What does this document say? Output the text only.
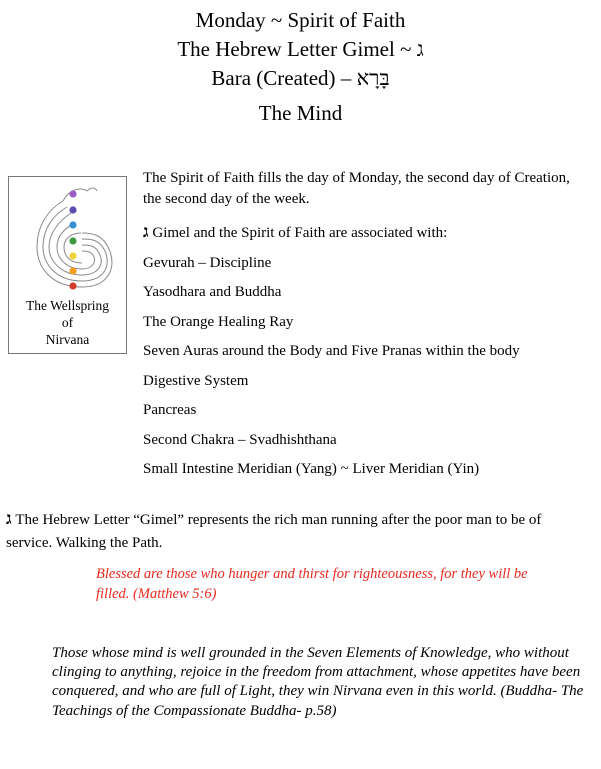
Monday ~ Spirit of Faith
The Hebrew Letter Gimel ~ ג
Bara (Created) – בָּרָא
The Mind
The Wellspring
of
Nirvana

The Spirit of Faith fills the day of Monday, the second day of Creation, the second day of the week.

ג Gimel and the Spirit of Faith are associated with:
Gevurah – Discipline
Yasodhara and Buddha
The Orange Healing Ray
Seven Auras around the Body and Five Pranas within the body
Digestive System
Pancreas
Second Chakra – Svadhishthana
Small Intestine Meridian (Yang) ~ Liver Meridian (Yin)

ג The Hebrew Letter “Gimel” represents the rich man running after the poor man to be of service. Walking the Path.

Blessed are those who hunger and thirst for righteousness, for they will be filled. (Matthew 5:6)

Those whose mind is well grounded in the Seven Elements of Knowledge, who without clinging to anything, rejoice in the freedom from attachment, whose appetites have been conquered, and who are full of Light, they win Nirvana even in this world. (Buddha- The Teachings of the Compassionate Buddha- p.58)
